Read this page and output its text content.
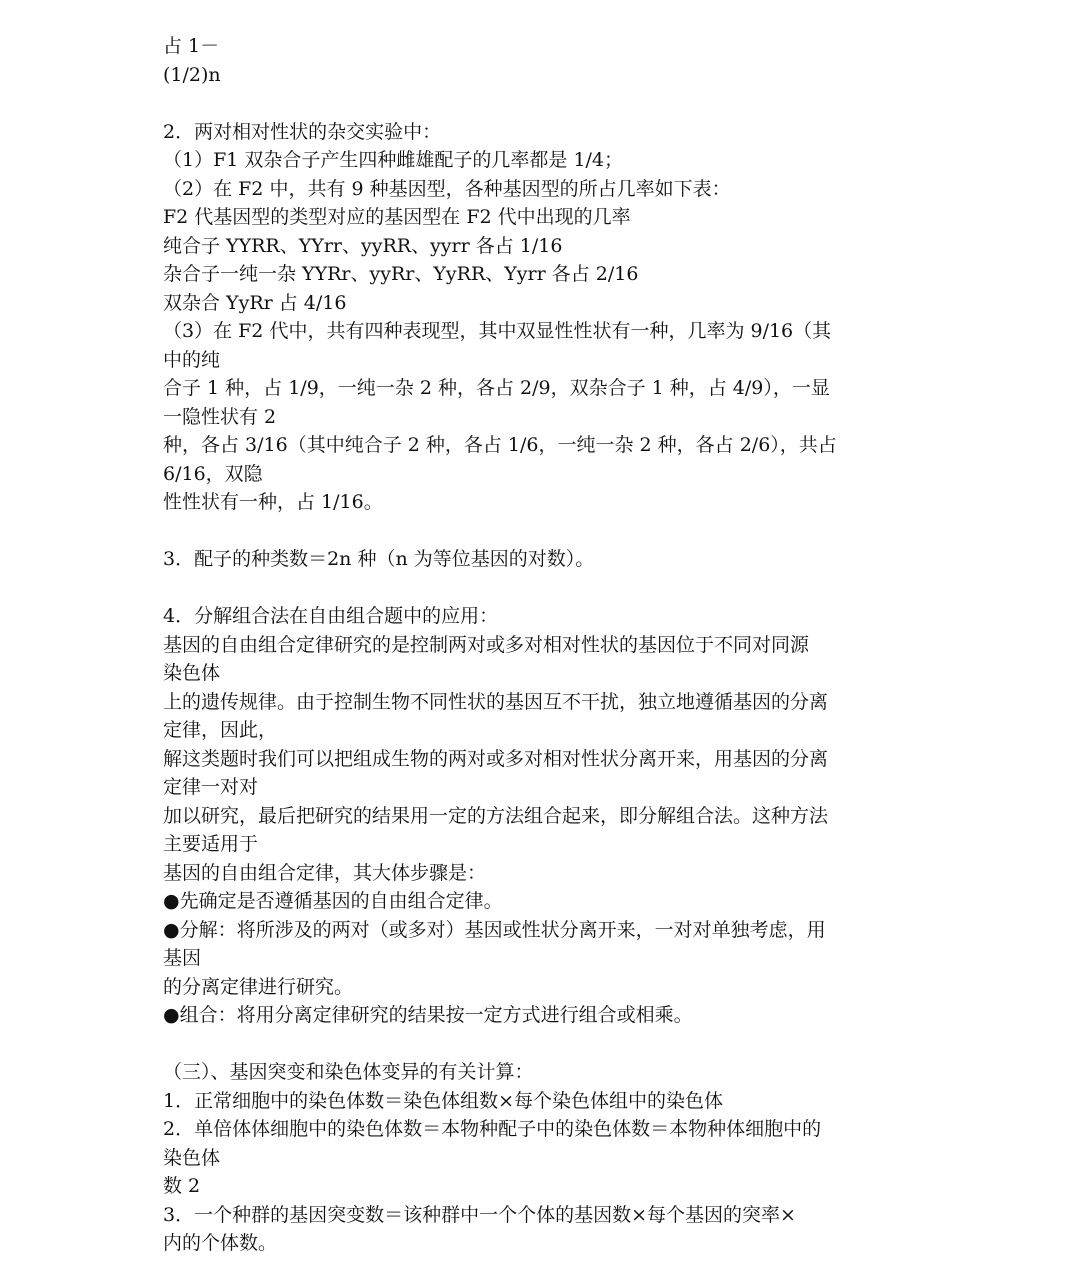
占 1－
(1/2)n
2．两对相对性状的杂交实验中：
（1）F1 双杂合子产生四种雌雄配子的几率都是 1/4；
（2）在 F2 中，共有 9 种基因型，各种基因型的所占几率如下表：
F2 代基因型的类型对应的基因型在 F2 代中出现的几率
纯合子 YYRR、YYrr、yyRR、yyrr 各占 1/16
杂合子一纯一杂 YYRr、yyRr、YyRR、Yyrr 各占 2/16
双杂合 YyRr 占 4/16
（3）在 F2 代中，共有四种表现型，其中双显性性状有一种，几率为 9/16（其
中的纯
合子 1 种，占 1/9，一纯一杂 2 种，各占 2/9，双杂合子 1 种，占 4/9），一显
一隐性状有 2
种，各占 3/16（其中纯合子 2 种，各占 1/6，一纯一杂 2 种，各占 2/6），共占
6/16，双隐
性性状有一种，占 1/16。
3．配子的种类数＝2n 种（n 为等位基因的对数）。
4．分解组合法在自由组合题中的应用：
基因的自由组合定律研究的是控制两对或多对相对性状的基因位于不同对同源
染色体
上的遗传规律。由于控制生物不同性状的基因互不干扰，独立地遵循基因的分离
定律，因此，
解这类题时我们可以把组成生物的两对或多对相对性状分离开来，用基因的分离
定律一对对
加以研究，最后把研究的结果用一定的方法组合起来，即分解组合法。这种方法
主要适用于
基因的自由组合定律，其大体步骤是：
●先确定是否遵循基因的自由组合定律。
●分解：将所涉及的两对（或多对）基因或性状分离开来，一对对单独考虑，用
基因
的分离定律进行研究。
●组合：将用分离定律研究的结果按一定方式进行组合或相乘。
（三）、基因突变和染色体变异的有关计算：
1．正常细胞中的染色体数＝染色体组数×每个染色体组中的染色体
2．单倍体体细胞中的染色体数＝本物种配子中的染色体数＝本物种体细胞中的
染色体
数 2
3．一个种群的基因突变数＝该种群中一个个体的基因数×每个基因的突率×
内的个体数。
